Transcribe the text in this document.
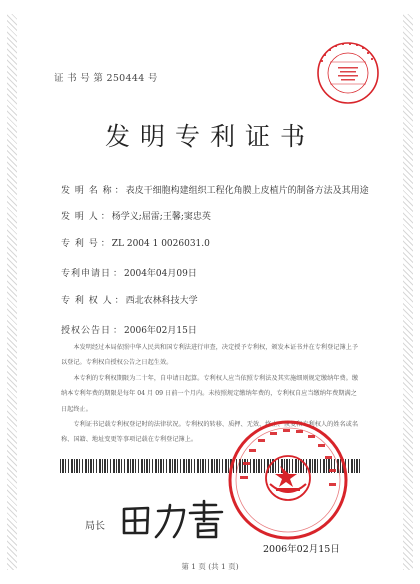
证 书 号 第 250444 号
发明专利证书
发 明 名 称 ： 表皮干细胞构建组织工程化角膜上皮植片的制备方法及其用途
发 明 人 ： 杨学义;屈雷;王馨;窦忠英
专 利 号 ： ZL 2004 1 0026031.0
专利申请日 ： 2004年04月09日
专 利 权 人 ： 西北农林科技大学
授权公告日 ： 2006年02月15日

本发明经过本局依照中华人民共和国专利法进行审查，决定授予专利权，颁发本证书并在专利登记簿上予以登记。专利权自授权公告之日起生效。

本专利的专利权期限为二十年，自申请日起算。专利权人应当依照专利法及其实施细则规定缴纳年费。缴纳本专利年费的期限是每年 04 月 09 日前一个月内。未按照规定缴纳年费的，专利权自应当缴纳年费期满之日起终止。

专利证书记载专利权登记时的法律状况。专利权的转移、质押、无效、终止、恢复和专利权人的姓名或名称、国籍、地址变更等事项记载在专利登记簿上。

局长
2006年02月15日
第 1 页 (共 1 页)
